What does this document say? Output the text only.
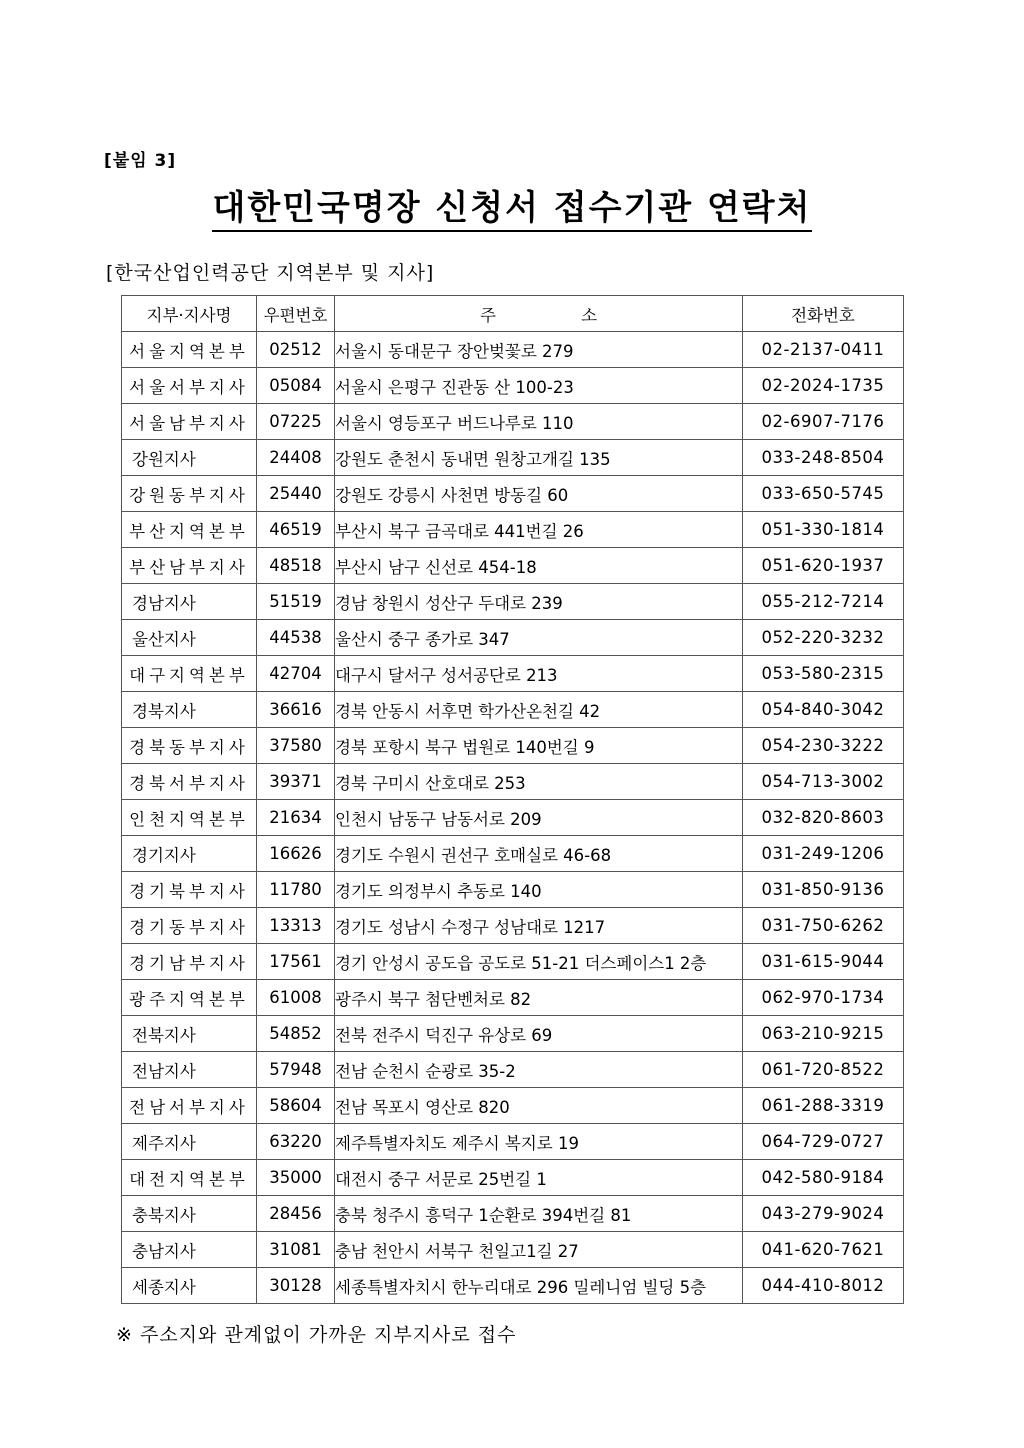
[붙임 3]
대한민국명장 신청서 접수기관 연락처
[한국산업인력공단 지역본부 및 지사]
지부·지사명	우편번호	주 소	전화번호
서울지역본부	02512	서울시 동대문구 장안벚꽃로 279	02-2137-0411
서울서부지사	05084	서울시 은평구 진관동 산 100-23	02-2024-1735
서울남부지사	07225	서울시 영등포구 버드나루로 110	02-6907-7176
강원지사	24408	강원도 춘천시 동내면 원창고개길 135	033-248-8504
강원동부지사	25440	강원도 강릉시 사천면 방동길 60	033-650-5745
부산지역본부	46519	부산시 북구 금곡대로 441번길 26	051-330-1814
부산남부지사	48518	부산시 남구 신선로 454-18	051-620-1937
경남지사	51519	경남 창원시 성산구 두대로 239	055-212-7214
울산지사	44538	울산시 중구 종가로 347	052-220-3232
대구지역본부	42704	대구시 달서구 성서공단로 213	053-580-2315
경북지사	36616	경북 안동시 서후면 학가산온천길 42	054-840-3042
경북동부지사	37580	경북 포항시 북구 법원로 140번길 9	054-230-3222
경북서부지사	39371	경북 구미시 산호대로 253	054-713-3002
인천지역본부	21634	인천시 남동구 남동서로 209	032-820-8603
경기지사	16626	경기도 수원시 권선구 호매실로 46-68	031-249-1206
경기북부지사	11780	경기도 의정부시 추동로 140	031-850-9136
경기동부지사	13313	경기도 성남시 수정구 성남대로 1217	031-750-6262
경기남부지사	17561	경기 안성시 공도읍 공도로 51-21 더스페이스1 2층	031-615-9044
광주지역본부	61008	광주시 북구 첨단벤처로 82	062-970-1734
전북지사	54852	전북 전주시 덕진구 유상로 69	063-210-9215
전남지사	57948	전남 순천시 순광로 35-2	061-720-8522
전남서부지사	58604	전남 목포시 영산로 820	061-288-3319
제주지사	63220	제주특별자치도 제주시 복지로 19	064-729-0727
대전지역본부	35000	대전시 중구 서문로 25번길 1	042-580-9184
충북지사	28456	충북 청주시 흥덕구 1순환로 394번길 81	043-279-9024
충남지사	31081	충남 천안시 서북구 천일고1길 27	041-620-7621
세종지사	30128	세종특별자치시 한누리대로 296 밀레니엄 빌딩 5층	044-410-8012
※ 주소지와 관계없이 가까운 지부지사로 접수
